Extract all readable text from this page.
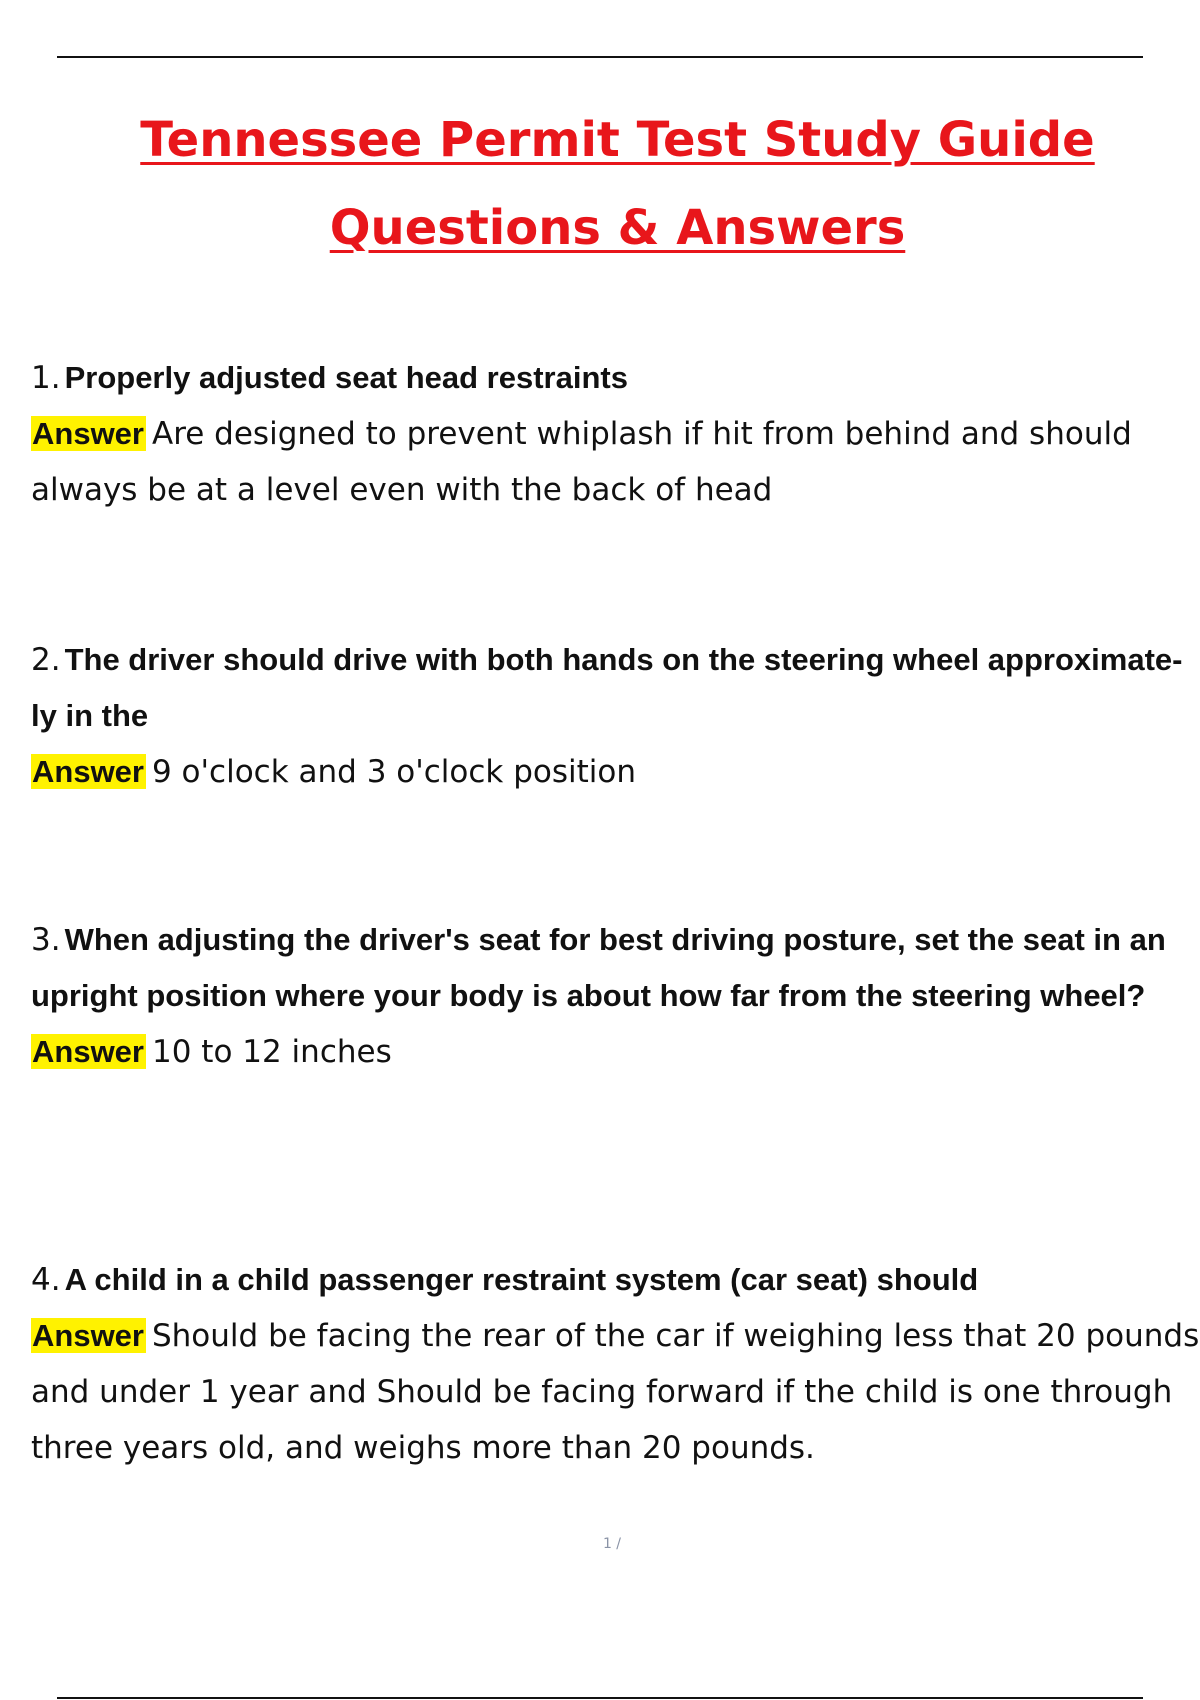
Tennessee Permit Test Study Guide
Questions & Answers
1. Properly adjusted seat head restraints
Answer Are designed to prevent whiplash if hit from behind and should always be at a level even with the back of head
2. The driver should drive with both hands on the steering wheel approximate- ly in the
Answer 9 o'clock and 3 o'clock position
3. When adjusting the driver's seat for best driving posture, set the seat in an upright position where your body is about how far from the steering wheel?
Answer 10 to 12 inches
4. A child in a child passenger restraint system (car seat) should
Answer Should be facing the rear of the car if weighing less that 20 pounds and under 1 year and Should be facing forward if the child is one through three years old, and weighs more than 20 pounds.
1 /
